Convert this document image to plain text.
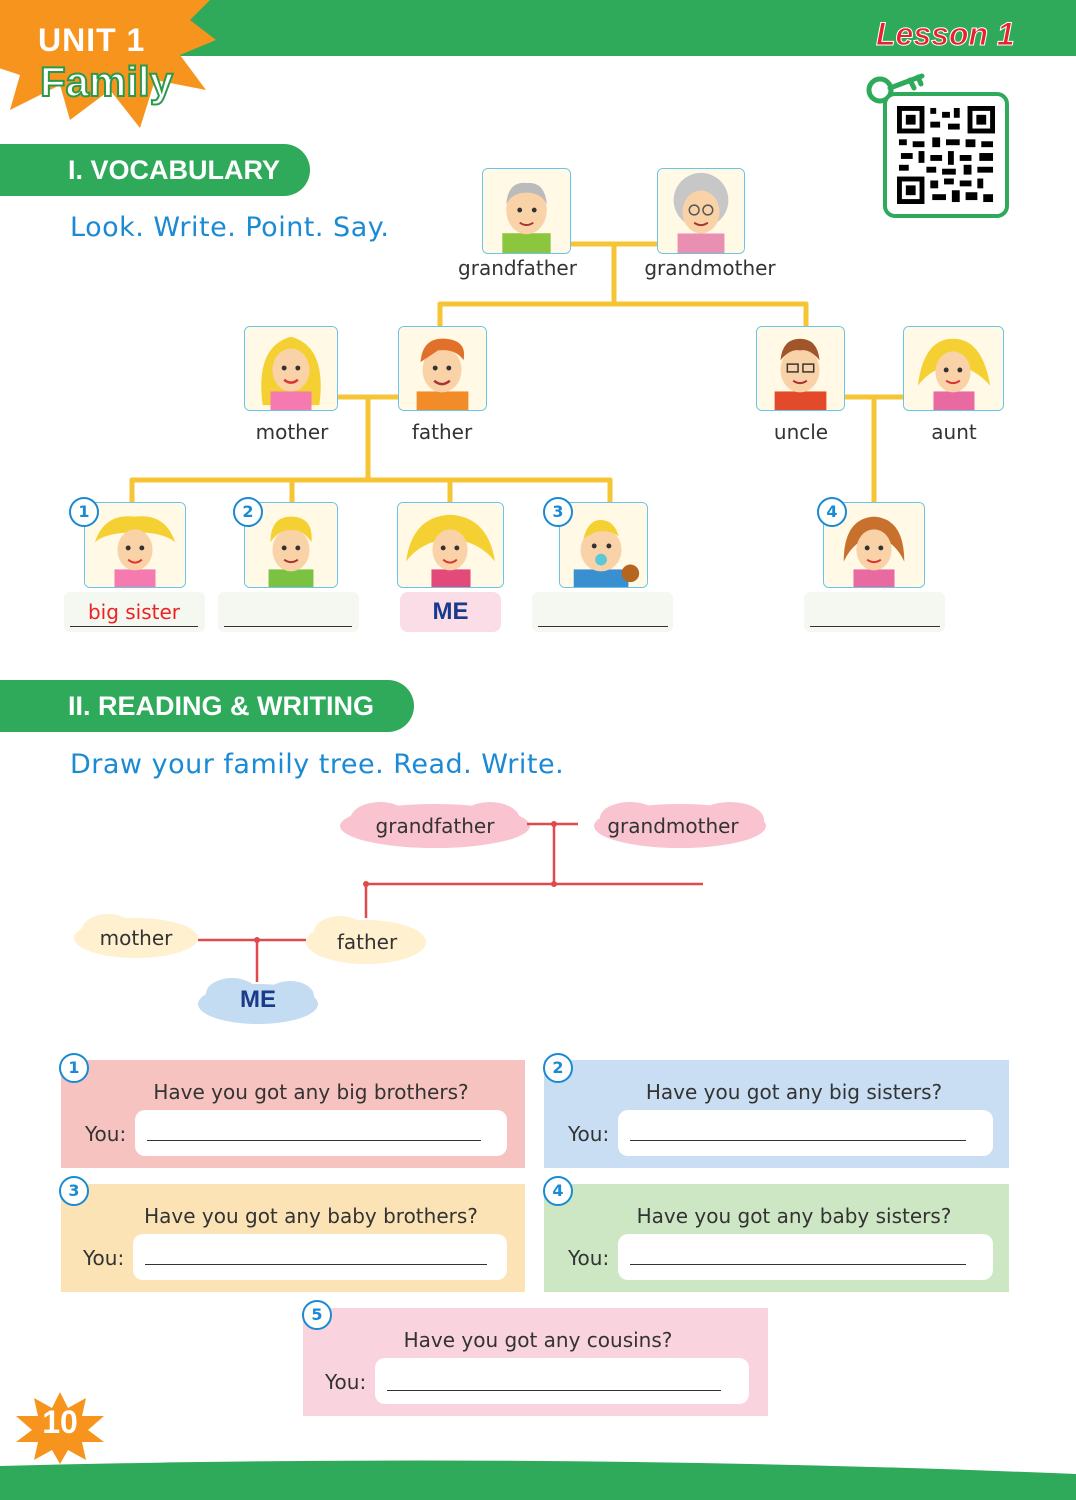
UNIT 1
Family
Lesson 1
I. VOCABULARY
Look. Write. Point. Say.
grandfather	grandmother
mother	father	uncle	aunt
1	2	3	4
big sister	ME
II. READING & WRITING
Draw your family tree. Read. Write.
grandfather	grandmother
mother	father
ME
Have you got any big brothers?
You:
1
Have you got any big sisters?
You:
2
Have you got any baby brothers?
You:
3
Have you got any baby sisters?
You:
4
Have you got any cousins?
You:
5
10
